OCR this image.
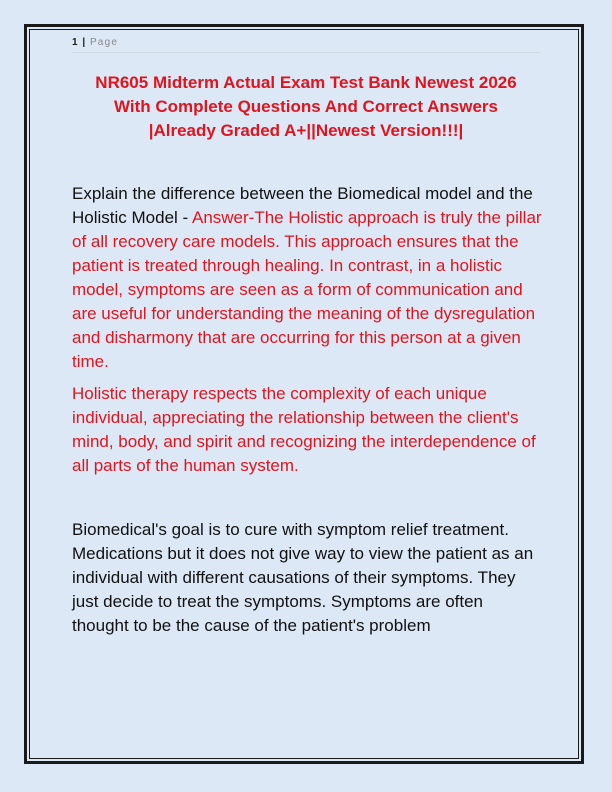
1 | Page
NR605 Midterm Actual Exam Test Bank Newest 2026
With Complete Questions And Correct Answers
|Already Graded A+||Newest Version!!!|
Explain the difference between the Biomedical model and the Holistic Model - Answer-The Holistic approach is truly the pillar of all recovery care models. This approach ensures that the patient is treated through healing. In contrast, in a holistic model, symptoms are seen as a form of communication and are useful for understanding the meaning of the dysregulation and disharmony that are occurring for this person at a given time.
Holistic therapy respects the complexity of each unique individual, appreciating the relationship between the client's mind, body, and spirit and recognizing the interdependence of all parts of the human system.
Biomedical's goal is to cure with symptom relief treatment. Medications but it does not give way to view the patient as an individual with different causations of their symptoms. They just decide to treat the symptoms. Symptoms are often thought to be the cause of the patient's problem
